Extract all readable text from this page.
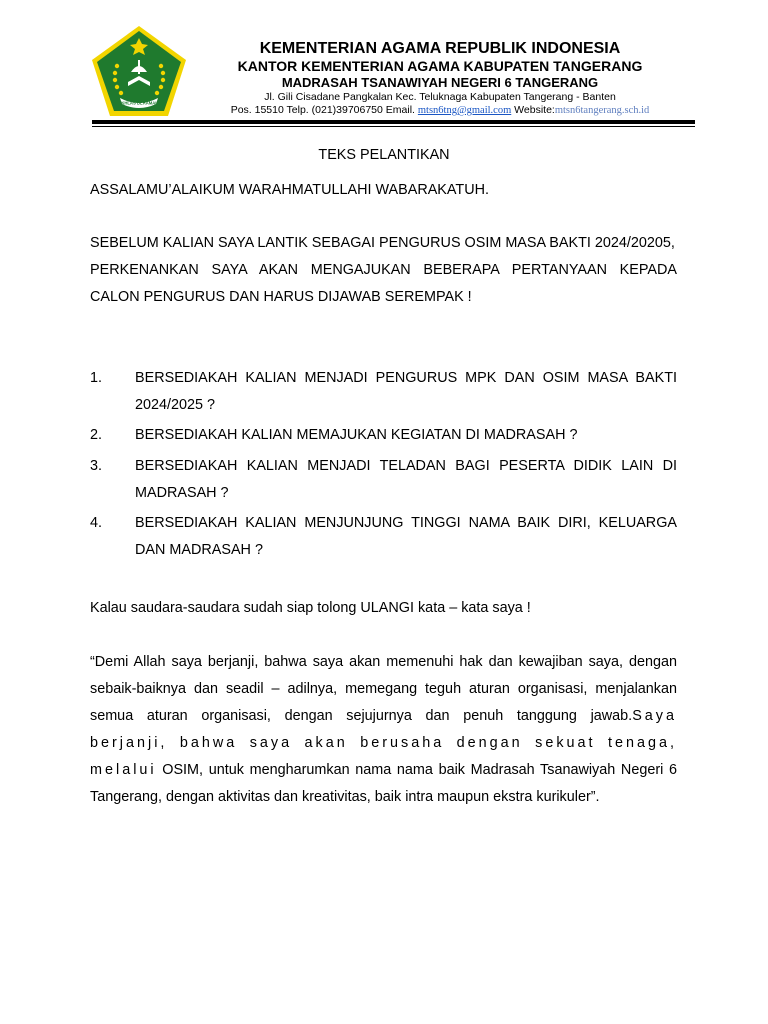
IKHLAS BERAMAL
KEMENTERIAN AGAMA REPUBLIK INDONESIA
KANTOR KEMENTERIAN AGAMA KABUPATEN TANGERANG
MADRASAH TSANAWIYAH NEGERI 6 TANGERANG
Jl. Gili Cisadane Pangkalan Kec. Teluknaga Kabupaten Tangerang - Banten
Pos. 15510 Telp. (021)39706750 Email. mtsn6tng@gmail.com Website:mtsn6tangerang.sch.id
TEKS PELANTIKAN
ASSALAMU’ALAIKUM WARAHMATULLAHI WABARAKATUH.
SEBELUM KALIAN SAYA LANTIK SEBAGAI PENGURUS OSIM MASA BAKTI 2024/20205,
PERKENANKAN SAYA AKAN MENGAJUKAN BEBERAPA PERTANYAAN KEPADA CALON PENGURUS DAN HARUS DIJAWAB SEREMPAK !
1.	BERSEDIAKAH KALIAN MENJADI PENGURUS MPK DAN OSIM MASA BAKTI 2024/2025 ?
2.	BERSEDIAKAH KALIAN MEMAJUKAN KEGIATAN DI MADRASAH ?
3.	BERSEDIAKAH KALIAN MENJADI TELADAN BAGI PESERTA DIDIK LAIN DI MADRASAH ?
4.	BERSEDIAKAH KALIAN MENJUNJUNG TINGGI NAMA BAIK DIRI, KELUARGA DAN MADRASAH ?
Kalau saudara-saudara sudah siap tolong ULANGI kata – kata saya !
“Demi Allah saya berjanji, bahwa saya akan memenuhi hak dan kewajiban saya, dengan sebaik-baiknya dan seadil – adilnya, memegang teguh aturan organisasi, menjalankan semua aturan organisasi, dengan sejujurnya dan penuh tanggung jawab.Saya berjanji, bahwa saya akan berusaha dengan sekuat tenaga, melalui OSIM, untuk mengharumkan nama nama baik Madrasah Tsanawiyah Negeri 6 Tangerang, dengan aktivitas dan kreativitas, baik intra maupun ekstra kurikuler”.
